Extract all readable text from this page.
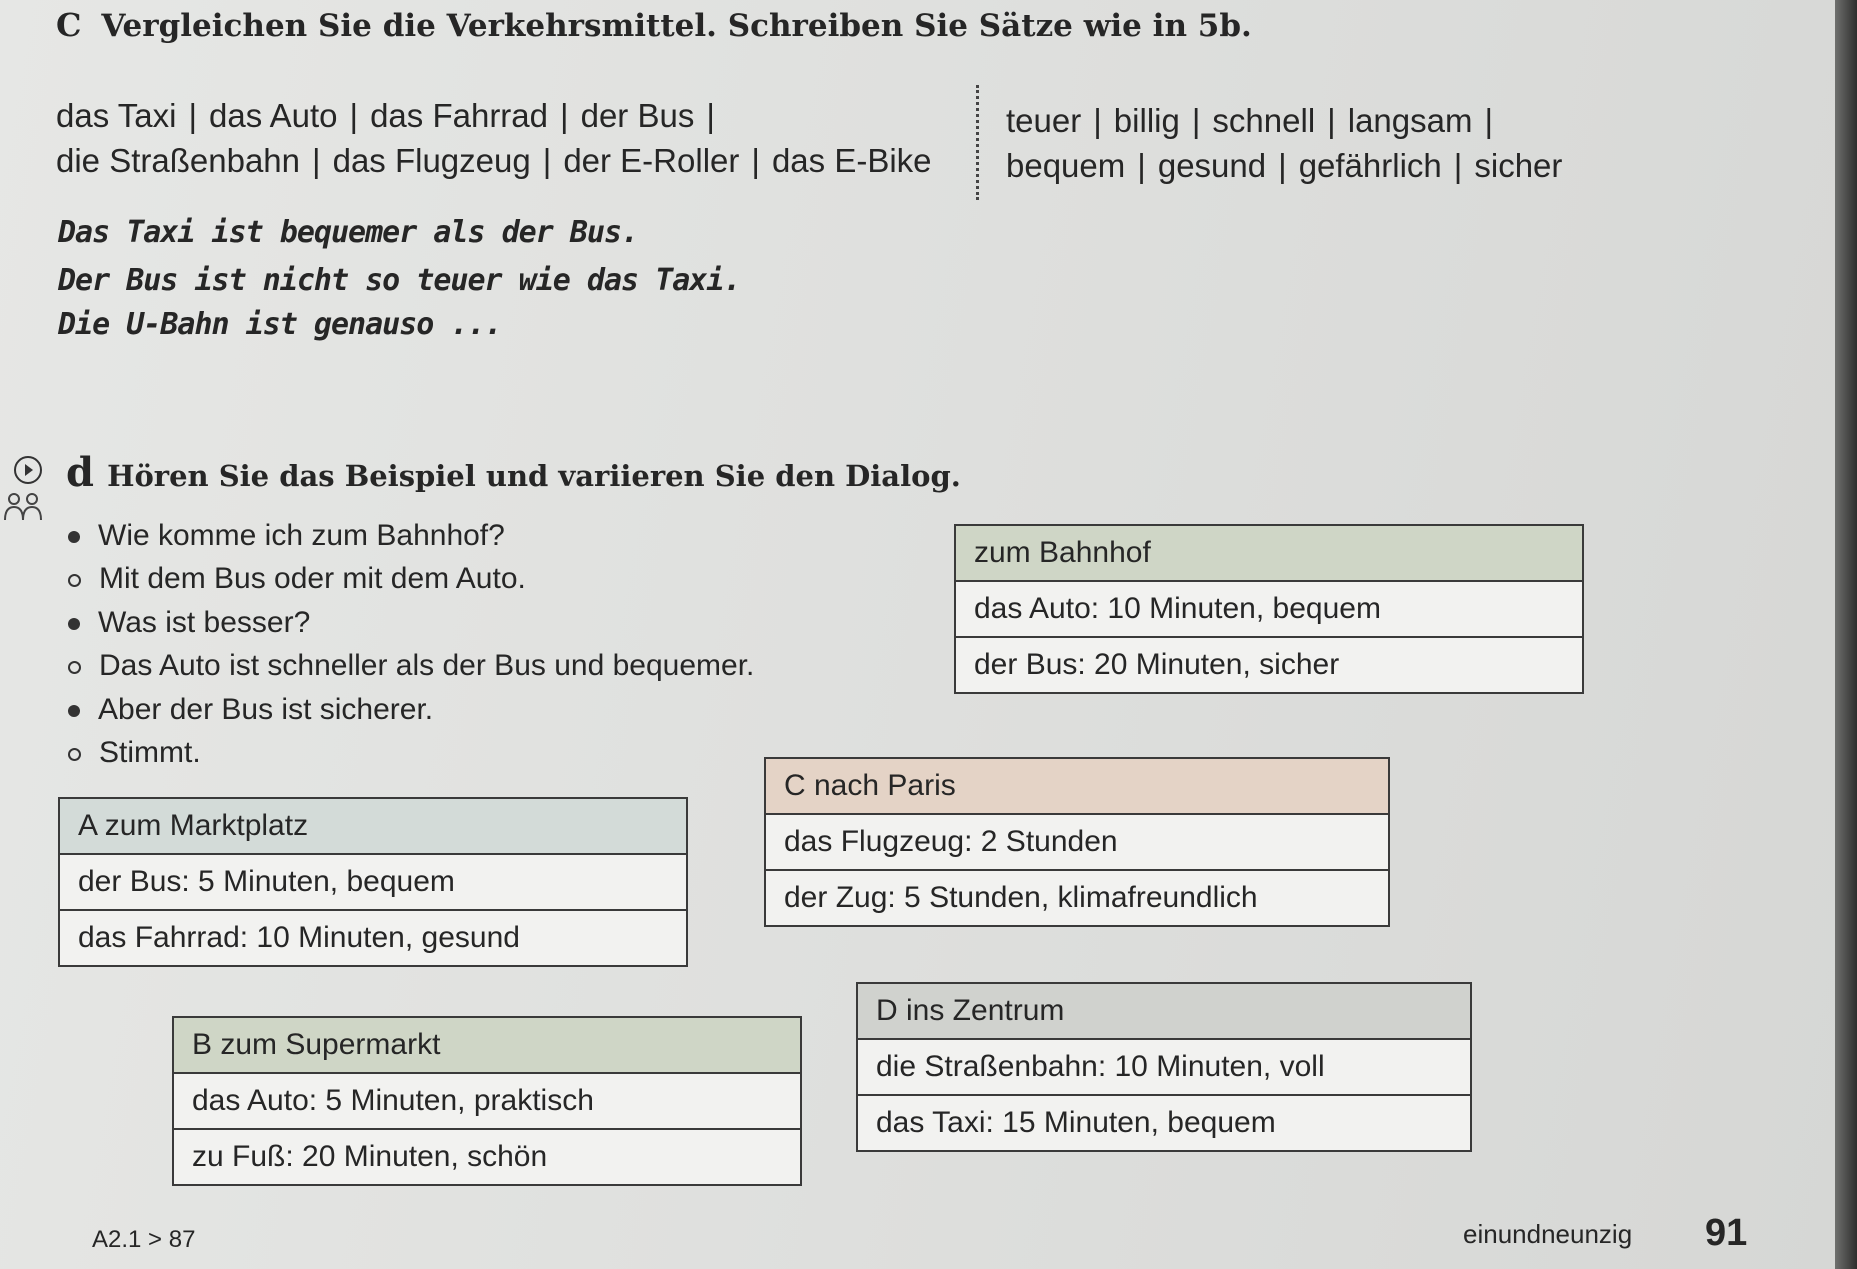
C Vergleichen Sie die Verkehrsmittel. Schreiben Sie Sätze wie in 5b.
das Taxi | das Auto | das Fahrrad | der Bus |
die Straßenbahn | das Flugzeug | der E-Roller | das E-Bike
teuer | billig | schnell | langsam |
bequem | gesund | gefährlich | sicher
Das Taxi ist bequemer als der Bus.
Der Bus ist nicht so teuer wie das Taxi.
Die U-Bahn ist genauso ...
d Hören Sie das Beispiel und variieren Sie den Dialog.
Wie komme ich zum Bahnhof?
Mit dem Bus oder mit dem Auto.
Was ist besser?
Das Auto ist schneller als der Bus und bequemer.
Aber der Bus ist sicherer.
Stimmt.
zum Bahnhof
das Auto: 10 Minuten, bequem
der Bus: 20 Minuten, sicher
A zum Marktplatz
der Bus: 5 Minuten, bequem
das Fahrrad: 10 Minuten, gesund
C nach Paris
das Flugzeug: 2 Stunden
der Zug: 5 Stunden, klimafreundlich
B zum Supermarkt
das Auto: 5 Minuten, praktisch
zu Fuß: 20 Minuten, schön
D ins Zentrum
die Straßenbahn: 10 Minuten, voll
das Taxi: 15 Minuten, bequem
A2.1 > 87	einundneunzig 91
